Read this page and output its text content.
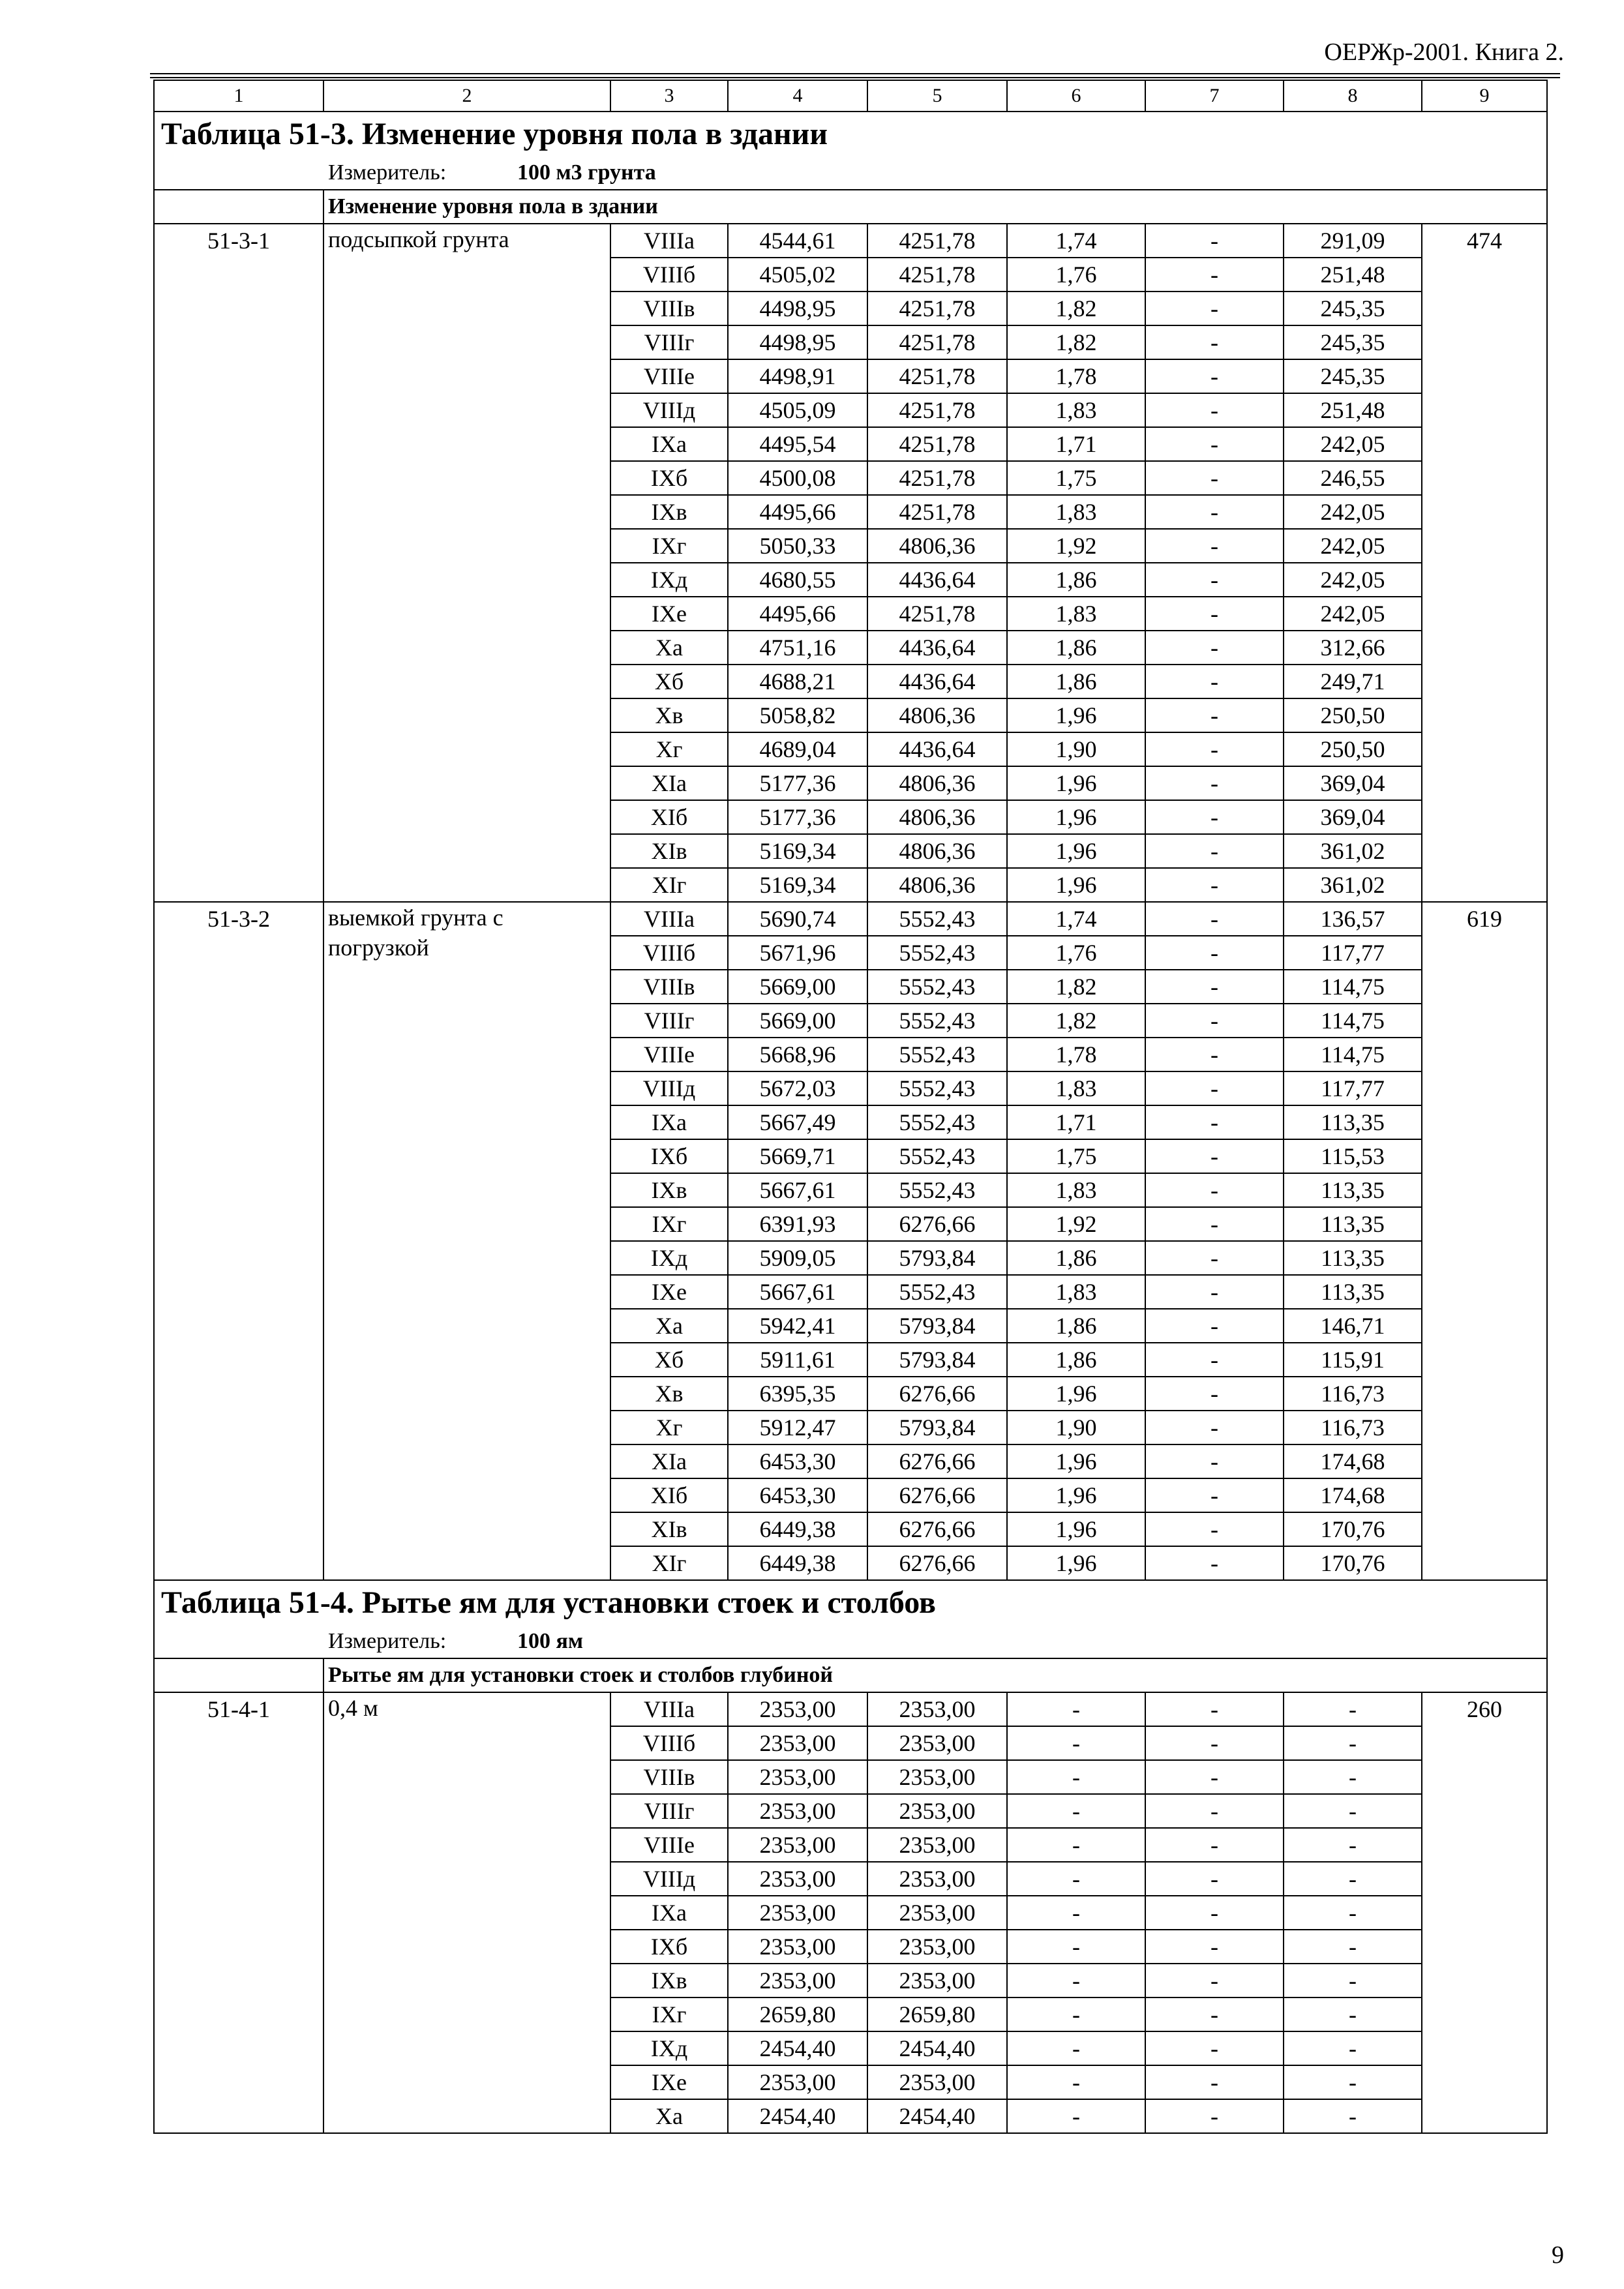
ОЕРЖр-2001. Книга 2.
1	2	3	4	5	6	7	8	9
Таблица 51-3. Изменение уровня пола в здании								
Измеритель: 100 м3 грунта								
	Изменение уровня пола в здании							
51-3-1	подсыпкой грунта	VIIIа	4544,61	4251,78	1,74	-	291,09	474
		VIIIб	4505,02	4251,78	1,76	-	251,48	
		VIIIв	4498,95	4251,78	1,82	-	245,35	
		VIIIг	4498,95	4251,78	1,82	-	245,35	
		VIIIе	4498,91	4251,78	1,78	-	245,35	
		VIIIд	4505,09	4251,78	1,83	-	251,48	
		IXа	4495,54	4251,78	1,71	-	242,05	
		IXб	4500,08	4251,78	1,75	-	246,55	
		IXв	4495,66	4251,78	1,83	-	242,05	
		IXг	5050,33	4806,36	1,92	-	242,05	
		IXд	4680,55	4436,64	1,86	-	242,05	
		IXе	4495,66	4251,78	1,83	-	242,05	
		Xа	4751,16	4436,64	1,86	-	312,66	
		Xб	4688,21	4436,64	1,86	-	249,71	
		Xв	5058,82	4806,36	1,96	-	250,50	
		Xг	4689,04	4436,64	1,90	-	250,50	
		XIа	5177,36	4806,36	1,96	-	369,04	
		XIб	5177,36	4806,36	1,96	-	369,04	
		XIв	5169,34	4806,36	1,96	-	361,02	
		XIг	5169,34	4806,36	1,96	-	361,02	
51-3-2	выемкой грунта с погрузкой	VIIIа	5690,74	5552,43	1,74	-	136,57	619
		VIIIб	5671,96	5552,43	1,76	-	117,77	
		VIIIв	5669,00	5552,43	1,82	-	114,75	
		VIIIг	5669,00	5552,43	1,82	-	114,75	
		VIIIе	5668,96	5552,43	1,78	-	114,75	
		VIIIд	5672,03	5552,43	1,83	-	117,77	
		IXа	5667,49	5552,43	1,71	-	113,35	
		IXб	5669,71	5552,43	1,75	-	115,53	
		IXв	5667,61	5552,43	1,83	-	113,35	
		IXг	6391,93	6276,66	1,92	-	113,35	
		IXд	5909,05	5793,84	1,86	-	113,35	
		IXе	5667,61	5552,43	1,83	-	113,35	
		Xа	5942,41	5793,84	1,86	-	146,71	
		Xб	5911,61	5793,84	1,86	-	115,91	
		Xв	6395,35	6276,66	1,96	-	116,73	
		Xг	5912,47	5793,84	1,90	-	116,73	
		XIа	6453,30	6276,66	1,96	-	174,68	
		XIб	6453,30	6276,66	1,96	-	174,68	
		XIв	6449,38	6276,66	1,96	-	170,76	
		XIг	6449,38	6276,66	1,96	-	170,76	
Таблица 51-4. Рытье ям для установки стоек и столбов								
Измеритель: 100 ям								
	Рытье ям для установки стоек и столбов глубиной							
51-4-1	0,4 м	VIIIа	2353,00	2353,00	-	-	-	260
		VIIIб	2353,00	2353,00	-	-	-	
		VIIIв	2353,00	2353,00	-	-	-	
		VIIIг	2353,00	2353,00	-	-	-	
		VIIIе	2353,00	2353,00	-	-	-	
		VIIIд	2353,00	2353,00	-	-	-	
		IXа	2353,00	2353,00	-	-	-	
		IXб	2353,00	2353,00	-	-	-	
		IXв	2353,00	2353,00	-	-	-	
		IXг	2659,80	2659,80	-	-	-	
		IXд	2454,40	2454,40	-	-	-	
		IXе	2353,00	2353,00	-	-	-	
		Xа	2454,40	2454,40	-	-	-	
9
